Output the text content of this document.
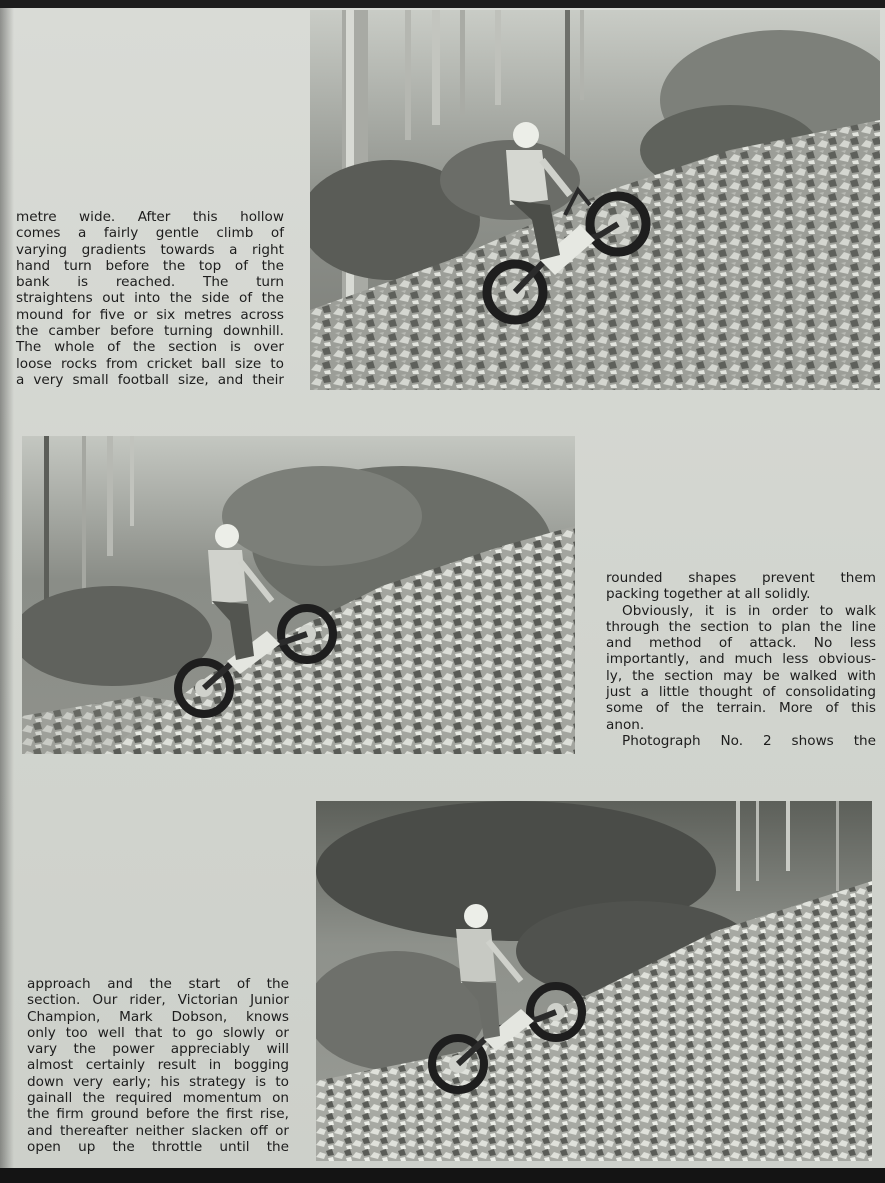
metre wide. After this hollow

comes a fairly gentle climb of

varying gradients towards a right

hand turn before the top of the

bank is reached. The turn

straightens out into the side of the

mound for five or six metres across

the camber before turning downhill.

The whole of the section is over

loose rocks from cricket ball size to

a very small football size, and their

rounded shapes prevent them

packing together at all solidly.

Obviously, it is in order to walk

through the section to plan the line

and method of attack. No less

importantly, and much less obvious-

ly, the section may be walked with

just a little thought of consolidating

some of the terrain. More of this

anon.

Photograph No. 2 shows the

approach and the start of the

section. Our rider, Victorian Junior

Champion, Mark Dobson, knows

only too well that to go slowly or

vary the power appreciably will

almost certainly result in bogging

down very early; his strategy is to

gainall the required momentum on

the firm ground before the first rise,

and thereafter neither slacken off or

open up the throttle until the
